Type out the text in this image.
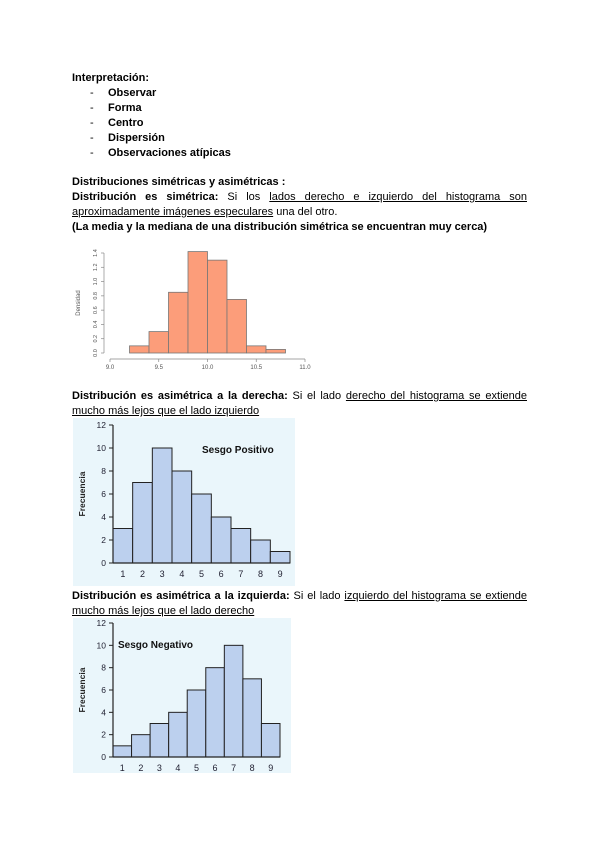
Interpretación:
- Observar
- Forma
- Centro
- Dispersión
- Observaciones atípicas
Distribuciones simétricas y asimétricas :
Distribución es simétrica: Si los lados derecho e izquierdo del histograma son
aproximadamente imágenes especulares una del otro.
(La media y la mediana de una distribución simétrica se encuentran muy cerca)
9.0	9.5	10.0	10.5	11.0
0.0
0.2
0.4
0.6
0.8
1.0
1.2
1.4
Densidad
Distribución es asimétrica a la derecha: Si el lado derecho del histograma se extiende
mucho más lejos que el lado izquierdo
1 2 3 4 5 6 7 8 9
0
2
4
6
8
10
12
Frecuencia
Sesgo Positivo
Distribución es asimétrica a la izquierda: Si el lado izquierdo del histograma se extiende
mucho más lejos que el lado derecho
1 2 3 4 5 6 7 8 9
0
2
4
6
8
10
12
Frecuencia
Sesgo Negativo
